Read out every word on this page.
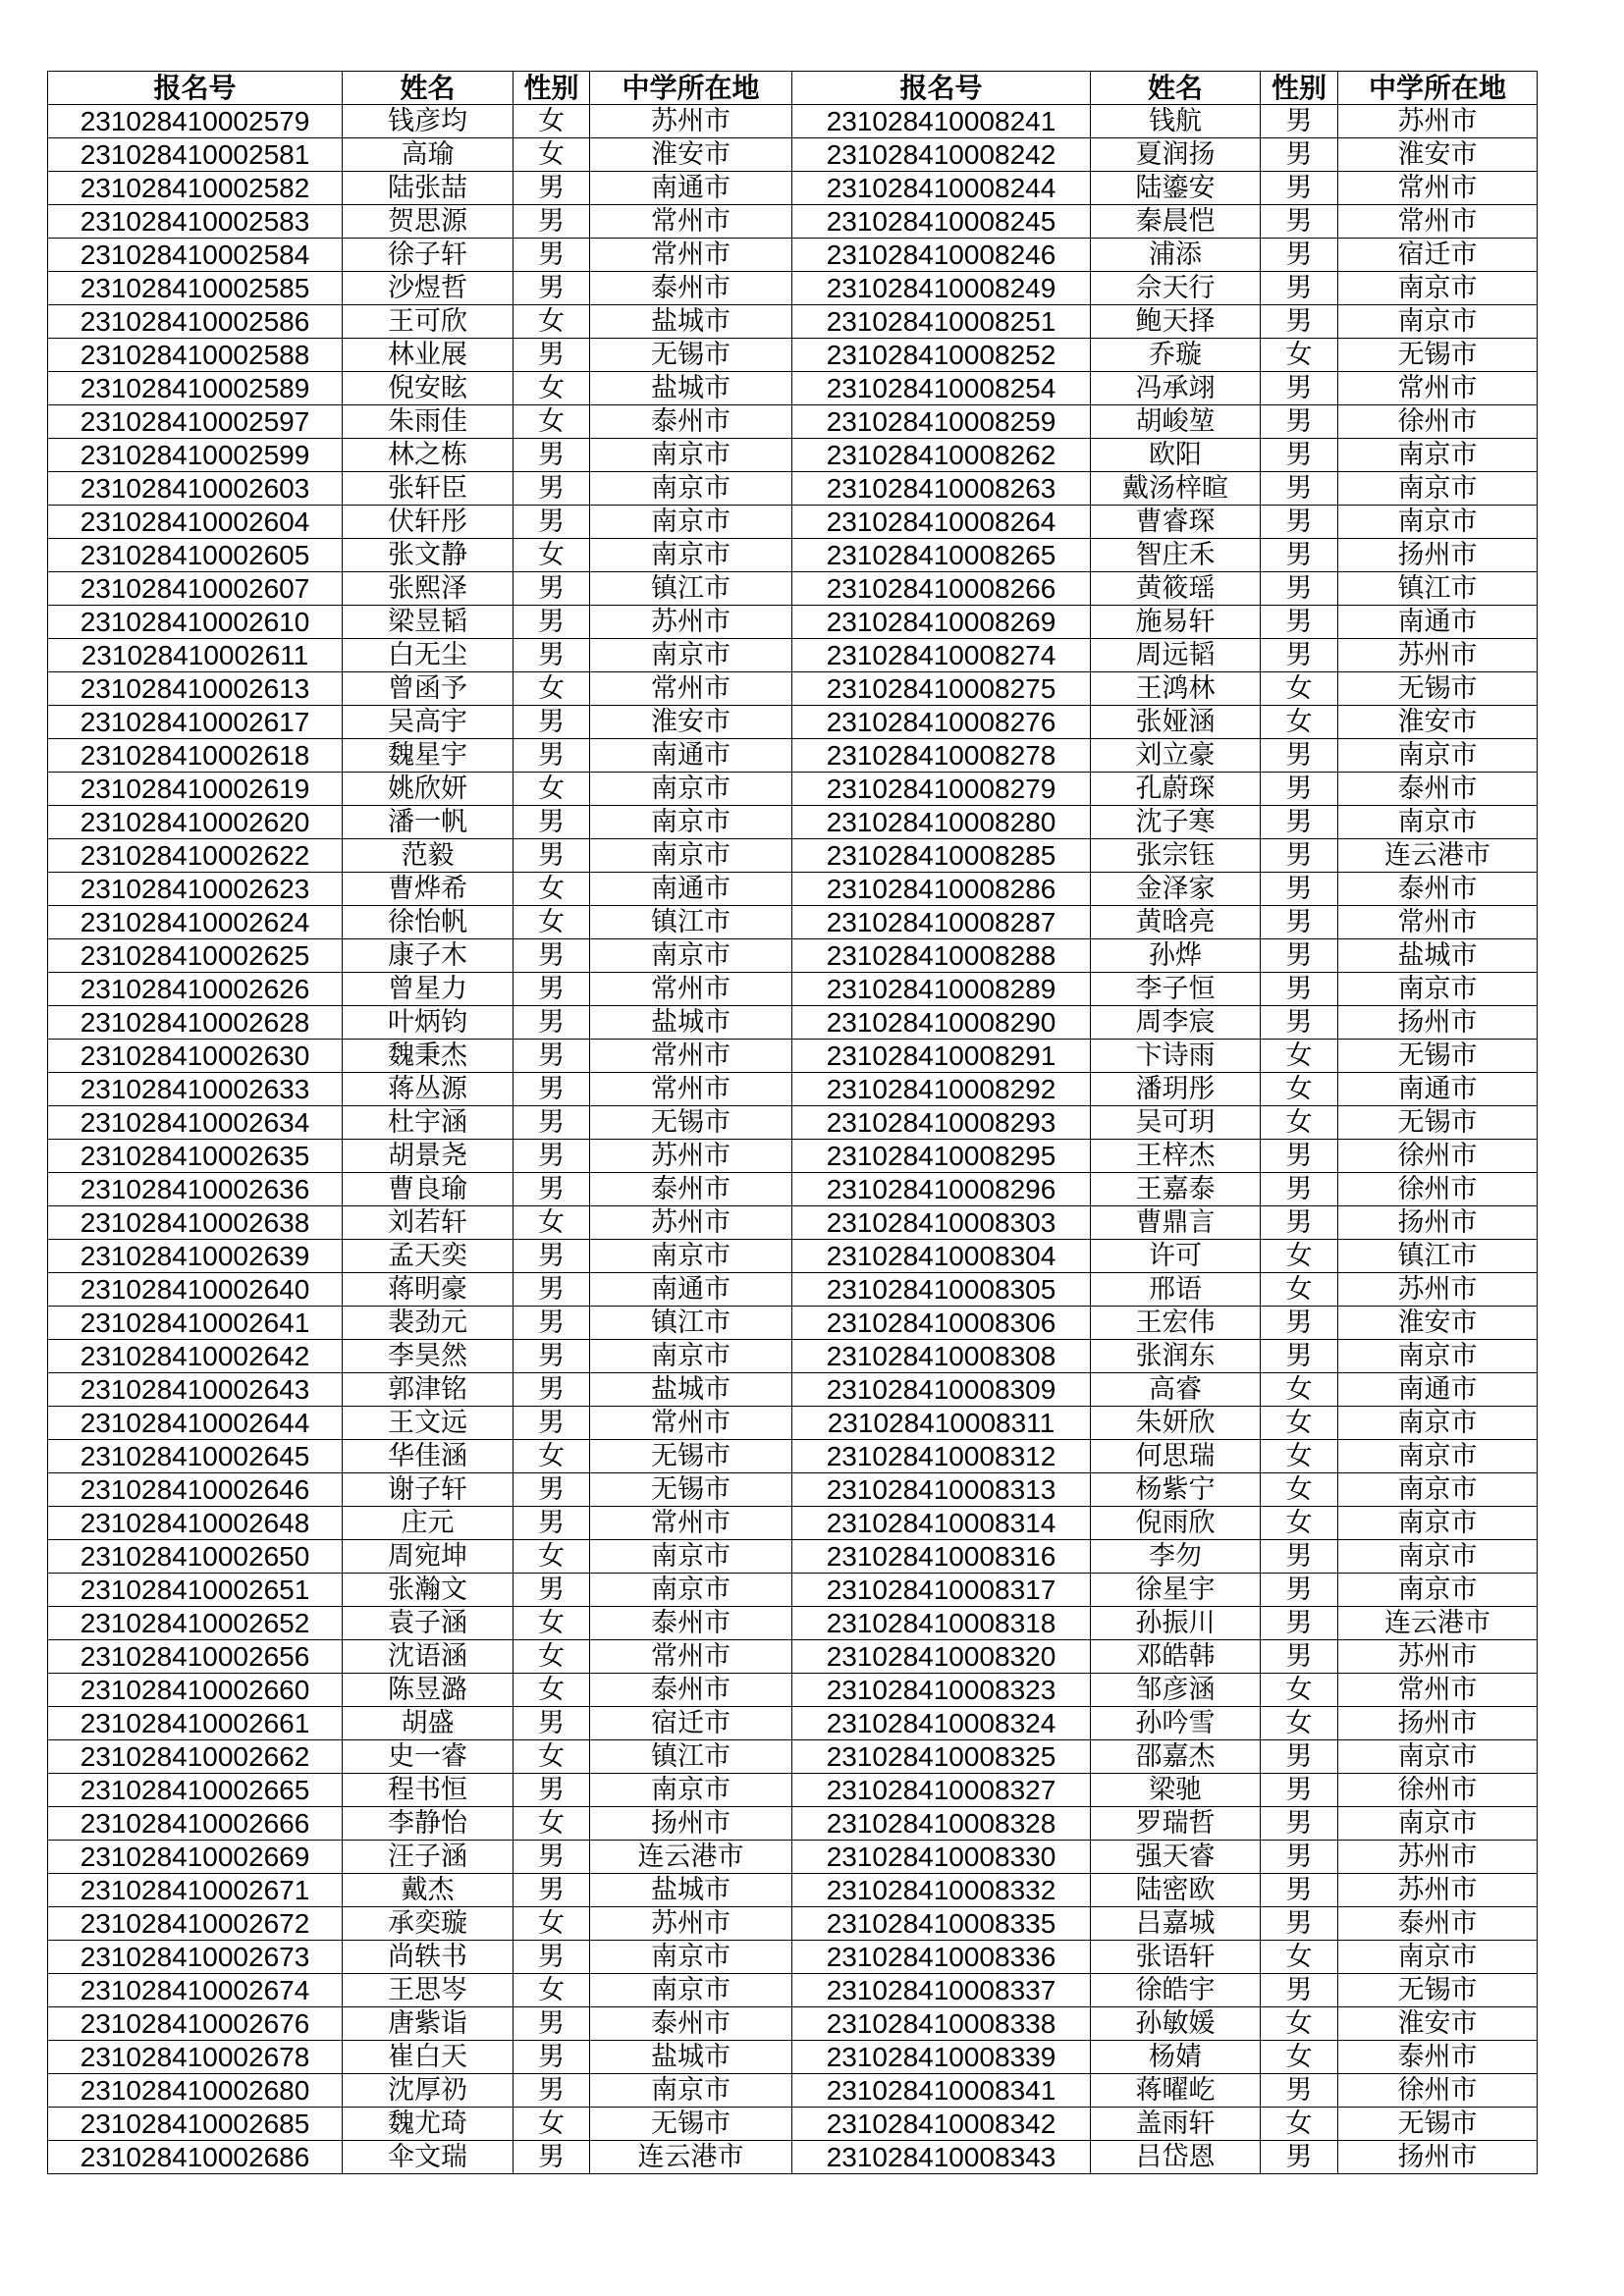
报名号	姓名	性别	中学所在地	报名号	姓名	性别	中学所在地
231028410002579	钱彦均	女	苏州市	231028410008241	钱航	男	苏州市
231028410002581	高瑜	女	淮安市	231028410008242	夏润扬	男	淮安市
231028410002582	陆张喆	男	南通市	231028410008244	陆鎏安	男	常州市
231028410002583	贺思源	男	常州市	231028410008245	秦晨恺	男	常州市
231028410002584	徐子轩	男	常州市	231028410008246	浦添	男	宿迁市
231028410002585	沙煜哲	男	泰州市	231028410008249	佘天行	男	南京市
231028410002586	王可欣	女	盐城市	231028410008251	鲍天择	男	南京市
231028410002588	林业展	男	无锡市	231028410008252	乔璇	女	无锡市
231028410002589	倪安眩	女	盐城市	231028410008254	冯承翊	男	常州市
231028410002597	朱雨佳	女	泰州市	231028410008259	胡峻堃	男	徐州市
231028410002599	林之栋	男	南京市	231028410008262	欧阳	男	南京市
231028410002603	张轩臣	男	南京市	231028410008263	戴汤梓暄	男	南京市
231028410002604	伏轩彤	男	南京市	231028410008264	曹睿琛	男	南京市
231028410002605	张文静	女	南京市	231028410008265	智庄禾	男	扬州市
231028410002607	张熙泽	男	镇江市	231028410008266	黄筱瑶	男	镇江市
231028410002610	梁昱韬	男	苏州市	231028410008269	施易轩	男	南通市
231028410002611	白无尘	男	南京市	231028410008274	周远韬	男	苏州市
231028410002613	曾函予	女	常州市	231028410008275	王鸿林	女	无锡市
231028410002617	吴高宇	男	淮安市	231028410008276	张娅涵	女	淮安市
231028410002618	魏星宇	男	南通市	231028410008278	刘立豪	男	南京市
231028410002619	姚欣妍	女	南京市	231028410008279	孔蔚琛	男	泰州市
231028410002620	潘一帆	男	南京市	231028410008280	沈子寒	男	南京市
231028410002622	范毅	男	南京市	231028410008285	张宗钰	男	连云港市
231028410002623	曹烨希	女	南通市	231028410008286	金泽家	男	泰州市
231028410002624	徐怡帆	女	镇江市	231028410008287	黄晗亮	男	常州市
231028410002625	康子木	男	南京市	231028410008288	孙烨	男	盐城市
231028410002626	曾星力	男	常州市	231028410008289	李子恒	男	南京市
231028410002628	叶炳钧	男	盐城市	231028410008290	周李宸	男	扬州市
231028410002630	魏秉杰	男	常州市	231028410008291	卞诗雨	女	无锡市
231028410002633	蒋丛源	男	常州市	231028410008292	潘玥彤	女	南通市
231028410002634	杜宇涵	男	无锡市	231028410008293	吴可玥	女	无锡市
231028410002635	胡景尧	男	苏州市	231028410008295	王梓杰	男	徐州市
231028410002636	曹良瑜	男	泰州市	231028410008296	王嘉泰	男	徐州市
231028410002638	刘若轩	女	苏州市	231028410008303	曹鼎言	男	扬州市
231028410002639	孟天奕	男	南京市	231028410008304	许可	女	镇江市
231028410002640	蒋明豪	男	南通市	231028410008305	邢语	女	苏州市
231028410002641	裴劲元	男	镇江市	231028410008306	王宏伟	男	淮安市
231028410002642	李昊然	男	南京市	231028410008308	张润东	男	南京市
231028410002643	郭津铭	男	盐城市	231028410008309	高睿	女	南通市
231028410002644	王文远	男	常州市	231028410008311	朱妍欣	女	南京市
231028410002645	华佳涵	女	无锡市	231028410008312	何思瑞	女	南京市
231028410002646	谢子轩	男	无锡市	231028410008313	杨紫宁	女	南京市
231028410002648	庄元	男	常州市	231028410008314	倪雨欣	女	南京市
231028410002650	周宛坤	女	南京市	231028410008316	李勿	男	南京市
231028410002651	张瀚文	男	南京市	231028410008317	徐星宇	男	南京市
231028410002652	袁子涵	女	泰州市	231028410008318	孙振川	男	连云港市
231028410002656	沈语涵	女	常州市	231028410008320	邓皓韩	男	苏州市
231028410002660	陈昱潞	女	泰州市	231028410008323	邹彦涵	女	常州市
231028410002661	胡盛	男	宿迁市	231028410008324	孙吟雪	女	扬州市
231028410002662	史一睿	女	镇江市	231028410008325	邵嘉杰	男	南京市
231028410002665	程书恒	男	南京市	231028410008327	梁驰	男	徐州市
231028410002666	李静怡	女	扬州市	231028410008328	罗瑞哲	男	南京市
231028410002669	汪子涵	男	连云港市	231028410008330	强天睿	男	苏州市
231028410002671	戴杰	男	盐城市	231028410008332	陆密欧	男	苏州市
231028410002672	承奕璇	女	苏州市	231028410008335	吕嘉城	男	泰州市
231028410002673	尚轶书	男	南京市	231028410008336	张语轩	女	南京市
231028410002674	王思岑	女	南京市	231028410008337	徐皓宇	男	无锡市
231028410002676	唐紫诣	男	泰州市	231028410008338	孙敏媛	女	淮安市
231028410002678	崔白天	男	盐城市	231028410008339	杨婧	女	泰州市
231028410002680	沈厚礽	男	南京市	231028410008341	蒋曜屹	男	徐州市
231028410002685	魏尤琦	女	无锡市	231028410008342	盖雨轩	女	无锡市
231028410002686	伞文瑞	男	连云港市	231028410008343	吕岱恩	男	扬州市
